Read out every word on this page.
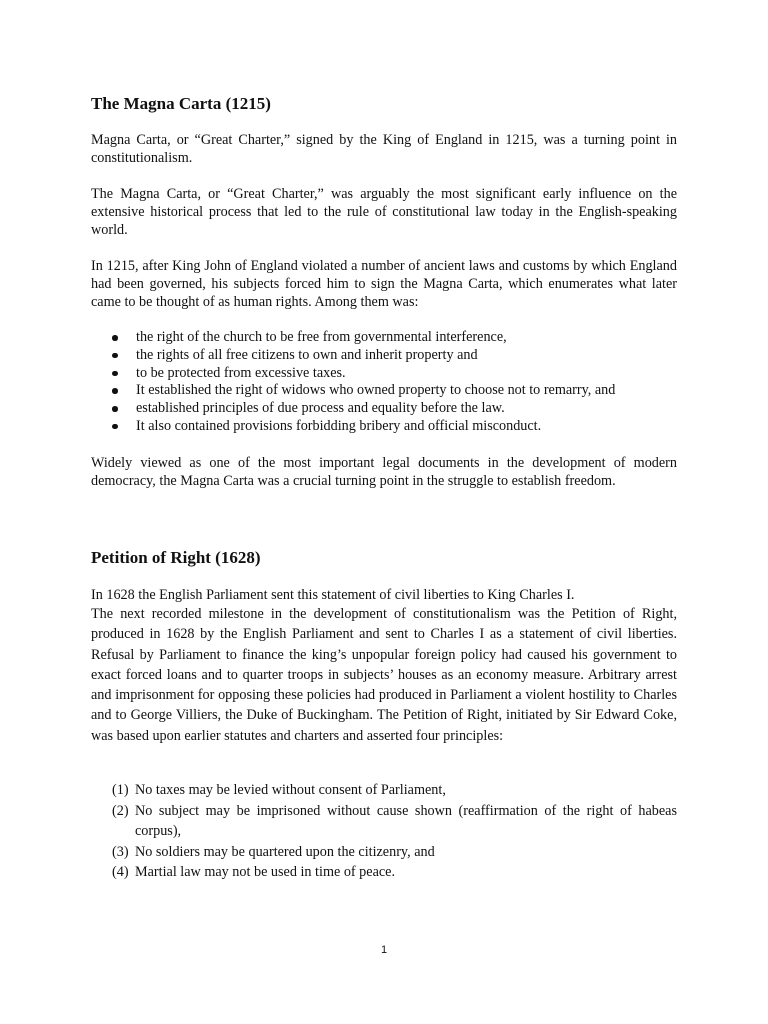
The Magna Carta (1215)
Magna Carta, or “Great Charter,” signed by the King of England in 1215, was a turning point in constitutionalism.
The Magna Carta, or “Great Charter,” was arguably the most significant early influence on the extensive historical process that led to the rule of constitutional law today in the English-speaking world.
In 1215, after King John of England violated a number of ancient laws and customs by which England had been governed, his subjects forced him to sign the Magna Carta, which enumerates what later came to be thought of as human rights. Among them was:
the right of the church to be free from governmental interference,
the rights of all free citizens to own and inherit property and
to be protected from excessive taxes.
It established the right of widows who owned property to choose not to remarry, and
established principles of due process and equality before the law.
It also contained provisions forbidding bribery and official misconduct.
Widely viewed as one of the most important legal documents in the development of modern democracy, the Magna Carta was a crucial turning point in the struggle to establish freedom.
Petition of Right (1628)
In 1628 the English Parliament sent this statement of civil liberties to King Charles I.
The next recorded milestone in the development of constitutionalism was the Petition of Right, produced in 1628 by the English Parliament and sent to Charles I as a statement of civil liberties. Refusal by Parliament to finance the king’s unpopular foreign policy had caused his government to exact forced loans and to quarter troops in subjects’ houses as an economy measure. Arbitrary arrest and imprisonment for opposing these policies had produced in Parliament a violent hostility to Charles and to George Villiers, the Duke of Buckingham. The Petition of Right, initiated by Sir Edward Coke, was based upon earlier statutes and charters and asserted four principles:
(1) No taxes may be levied without consent of Parliament,
(2) No subject may be imprisoned without cause shown (reaffirmation of the right of habeas corpus),
(3) No soldiers may be quartered upon the citizenry, and
(4) Martial law may not be used in time of peace.
1
